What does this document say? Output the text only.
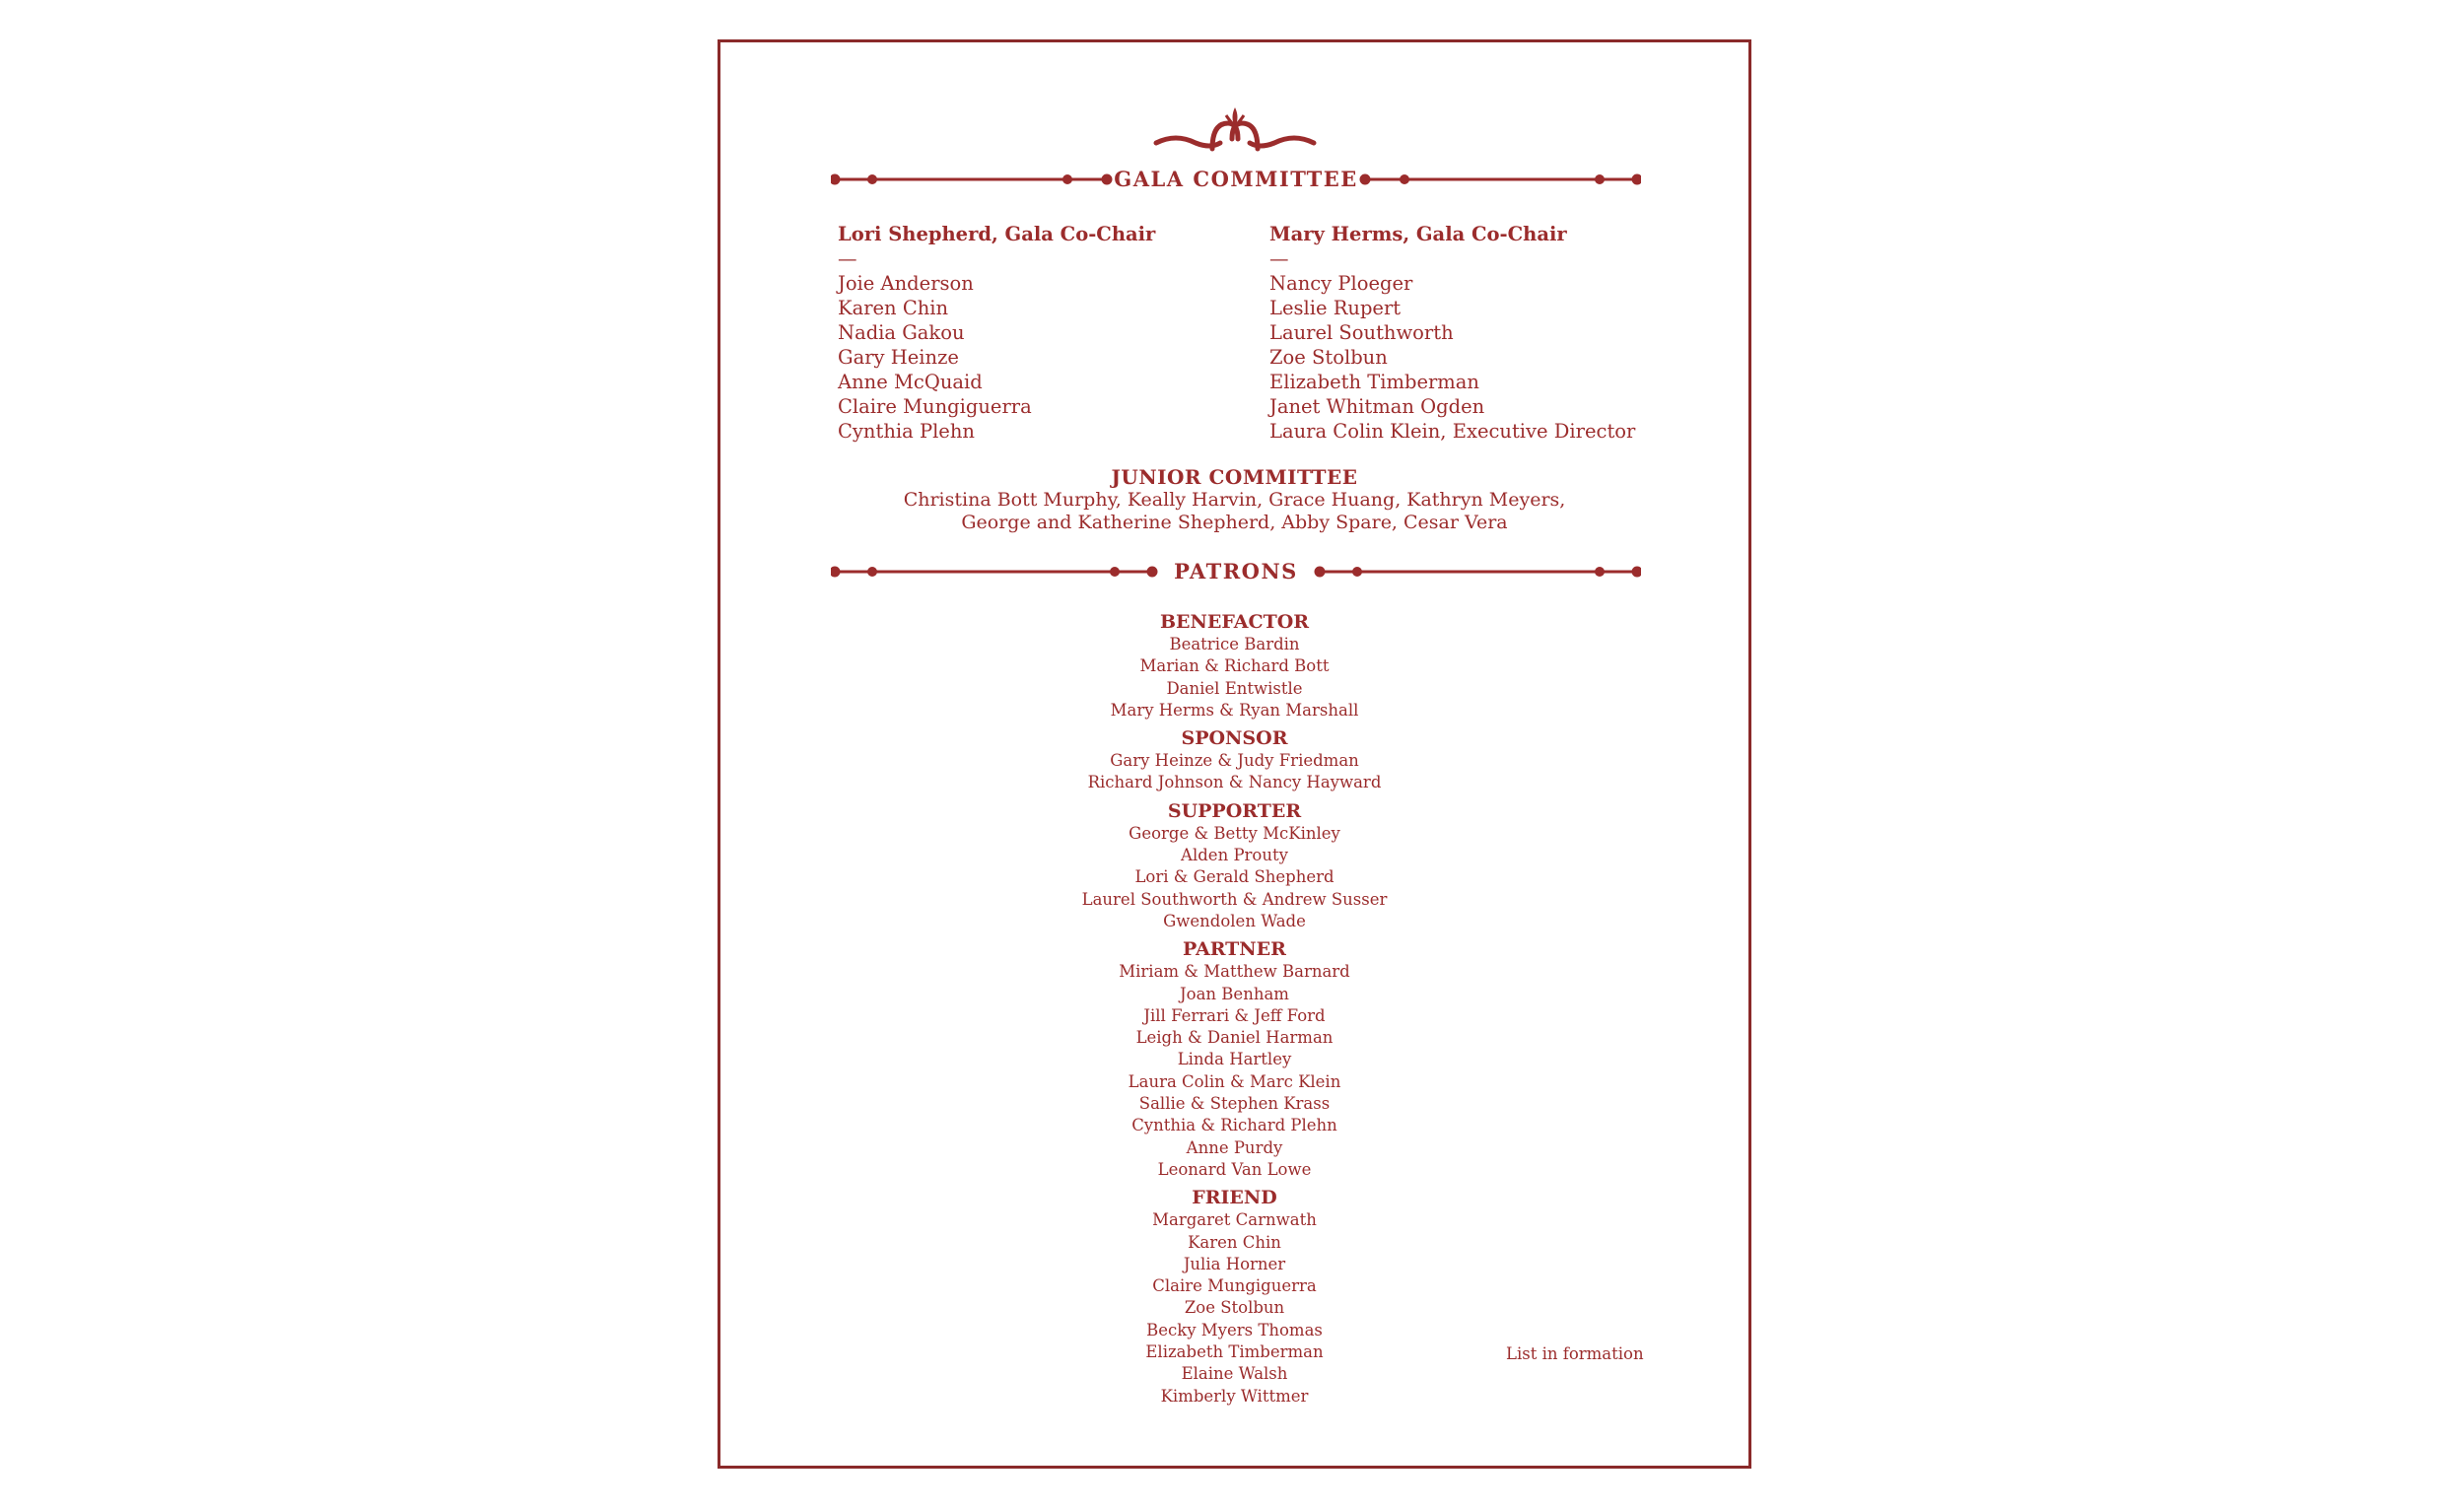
GALA COMMITTEE
Lori Shepherd, Gala Co-Chair
—
Joie Anderson
Karen Chin
Nadia Gakou
Gary Heinze
Anne McQuaid
Claire Mungiguerra
Cynthia Plehn
Mary Herms, Gala Co-Chair
—
Nancy Ploeger
Leslie Rupert
Laurel Southworth
Zoe Stolbun
Elizabeth Timberman
Janet Whitman Ogden
Laura Colin Klein, Executive Director
JUNIOR COMMITTEE
Christina Bott Murphy, Keally Harvin, Grace Huang, Kathryn Meyers,
George and Katherine Shepherd, Abby Spare, Cesar Vera
PATRONS
BENEFACTOR
Beatrice Bardin
Marian & Richard Bott
Daniel Entwistle
Mary Herms & Ryan Marshall
SPONSOR
Gary Heinze & Judy Friedman
Richard Johnson & Nancy Hayward
SUPPORTER
George & Betty McKinley
Alden Prouty
Lori & Gerald Shepherd
Laurel Southworth & Andrew Susser
Gwendolen Wade
PARTNER
Miriam & Matthew Barnard
Joan Benham
Jill Ferrari & Jeff Ford
Leigh & Daniel Harman
Linda Hartley
Laura Colin & Marc Klein
Sallie & Stephen Krass
Cynthia & Richard Plehn
Anne Purdy
Leonard Van Lowe
FRIEND
Margaret Carnwath
Karen Chin
Julia Horner
Claire Mungiguerra
Zoe Stolbun
Becky Myers Thomas
Elizabeth Timberman
Elaine Walsh
Kimberly Wittmer
List in formation
